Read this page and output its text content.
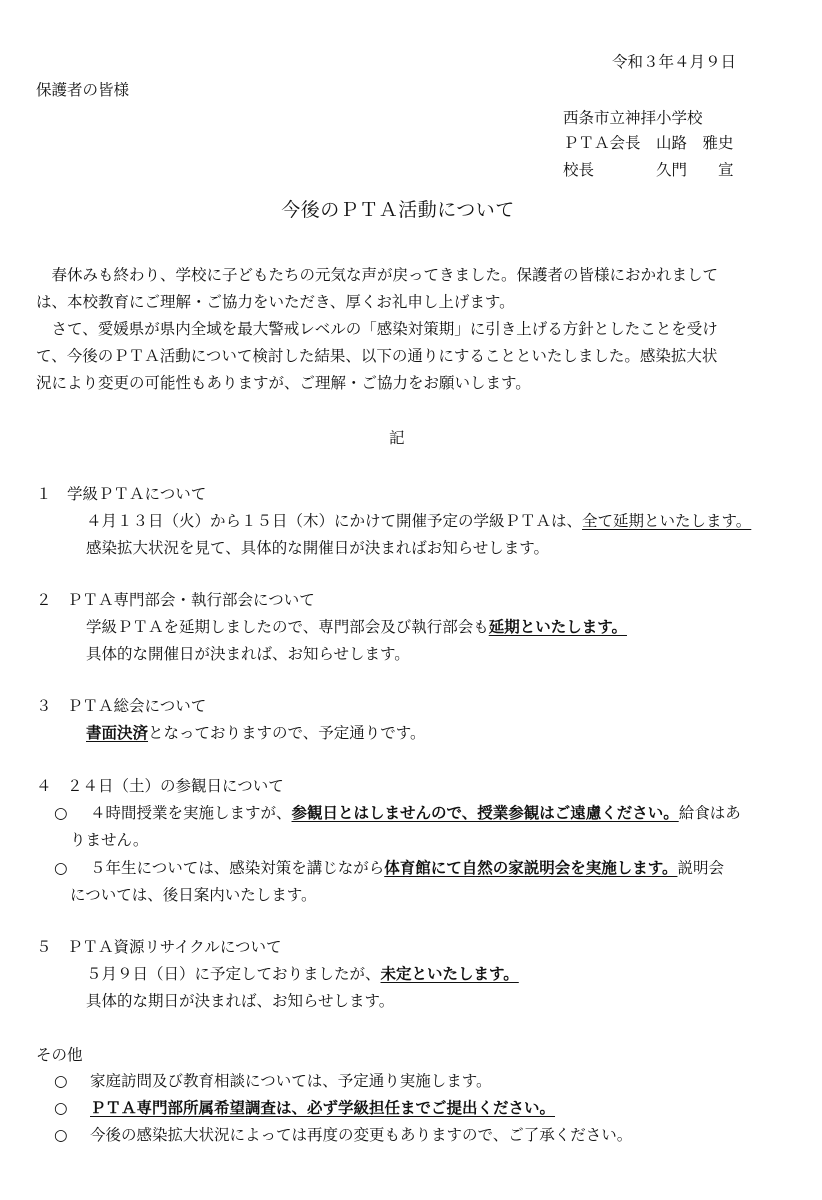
令和３年４月９日
保護者の皆様
西条市立神拝小学校
ＰＴＡ会長 山路　雅史
校長	久門　　宣
今後のＰＴＡ活動について
　春休みも終わり、学校に子どもたちの元気な声が戻ってきました。保護者の皆様におかれまして
は、本校教育にご理解・ご協力をいただき、厚くお礼申し上げます。
　さて、愛媛県が県内全域を最大警戒レベルの「感染対策期」に引き上げる方針としたことを受け
て、今後のＰＴＡ活動について検討した結果、以下の通りにすることといたしました。感染拡大状
況により変更の可能性もありますが、ご理解・ご協力をお願いします。
記
１　学級ＰＴＡについて
４月１３日（火）から１５日（木）にかけて開催予定の学級ＰＴＡは、全て延期といたします。
感染拡大状況を見て、具体的な開催日が決まればお知らせします。
２　ＰＴＡ専門部会・執行部会について
学級ＰＴＡを延期しましたので、専門部会及び執行部会も延期といたします。
具体的な開催日が決まれば、お知らせします。
３　ＰＴＡ総会について
書面決済となっておりますので、予定通りです。
４　２４日（土）の参観日について
○ ４時間授業を実施しますが、参観日とはしませんので、授業参観はご遠慮ください。給食はあ
りません。
○ ５年生については、感染対策を講じながら体育館にて自然の家説明会を実施します。説明会
については、後日案内いたします。
５　ＰＴＡ資源リサイクルについて
５月９日（日）に予定しておりましたが、未定といたします。
具体的な期日が決まれば、お知らせします。
その他
○ 家庭訪問及び教育相談については、予定通り実施します。
○ ＰＴＡ専門部所属希望調査は、必ず学級担任までご提出ください。
○ 今後の感染拡大状況によっては再度の変更もありますので、ご了承ください。
